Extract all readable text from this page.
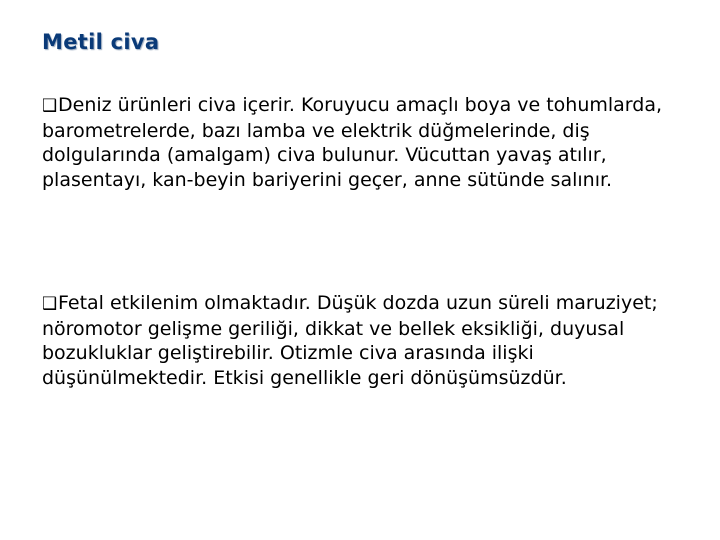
Metil civa

❑Deniz ürünleri civa içerir. Koruyucu amaçlı boya ve tohumlarda, barometrelerde, bazı lamba ve elektrik düğmelerinde, diş dolgularında (amalgam) civa bulunur. Vücuttan yavaş atılır, plasentayı, kan-beyin bariyerini geçer, anne sütünde salınır.

❑Fetal etkilenim olmaktadır. Düşük dozda uzun süreli maruziyet; nöromotor gelişme geriliği, dikkat ve bellek eksikliği, duyusal bozukluklar geliştirebilir. Otizmle civa arasında ilişki düşünülmektedir. Etkisi genellikle geri dönüşümsüzdür.
